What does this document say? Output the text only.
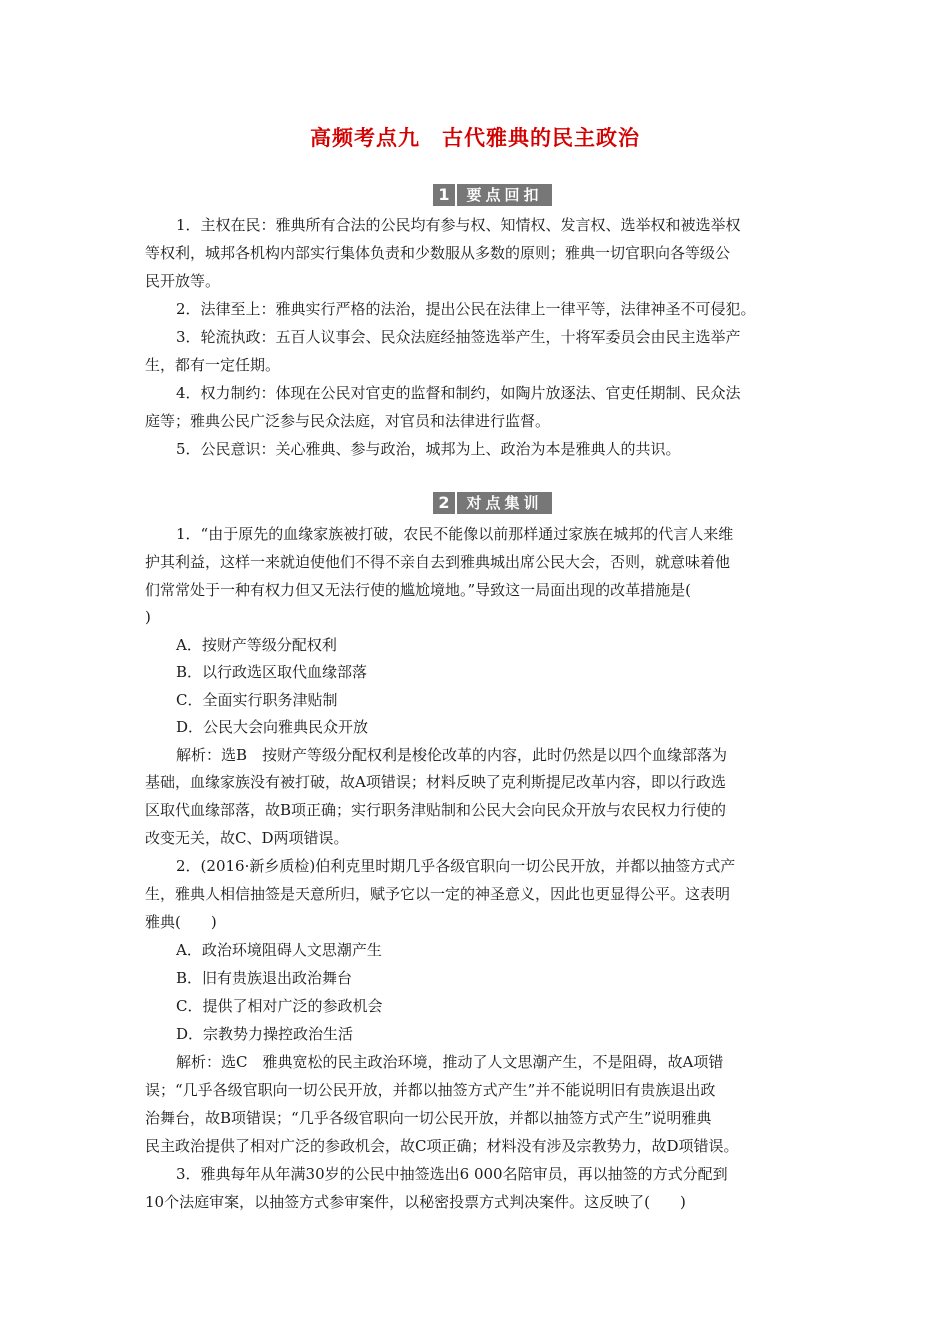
高频考点九　古代雅典的民主政治
1	要点回扣
1．主权在民：雅典所有合法的公民均有参与权、知情权、发言权、选举权和被选举权
等权利，城邦各机构内部实行集体负责和少数服从多数的原则；雅典一切官职向各等级公
民开放等。
2．法律至上：雅典实行严格的法治，提出公民在法律上一律平等，法律神圣不可侵犯。
3．轮流执政：五百人议事会、民众法庭经抽签选举产生，十将军委员会由民主选举产
生，都有一定任期。
4．权力制约：体现在公民对官吏的监督和制约，如陶片放逐法、官吏任期制、民众法
庭等；雅典公民广泛参与民众法庭，对官员和法律进行监督。
5．公民意识：关心雅典、参与政治，城邦为上、政治为本是雅典人的共识。
2	对点集训
1．“由于原先的血缘家族被打破，农民不能像以前那样通过家族在城邦的代言人来维
护其利益，这样一来就迫使他们不得不亲自去到雅典城出席公民大会，否则，就意味着他
们常常处于一种有权力但又无法行使的尴尬境地。”导致这一局面出现的改革措施是(
)
A．按财产等级分配权利
B．以行政选区取代血缘部落
C．全面实行职务津贴制
D．公民大会向雅典民众开放
解析：选B　按财产等级分配权利是梭伦改革的内容，此时仍然是以四个血缘部落为
基础，血缘家族没有被打破，故A项错误；材料反映了克利斯提尼改革内容，即以行政选
区取代血缘部落，故B项正确；实行职务津贴制和公民大会向民众开放与农民权力行使的
改变无关，故C、D两项错误。
2．(2016·新乡质检)伯利克里时期几乎各级官职向一切公民开放，并都以抽签方式产
生，雅典人相信抽签是天意所归，赋予它以一定的神圣意义，因此也更显得公平。这表明
雅典(　　)
A．政治环境阻碍人文思潮产生
B．旧有贵族退出政治舞台
C．提供了相对广泛的参政机会
D．宗教势力操控政治生活
解析：选C　雅典宽松的民主政治环境，推动了人文思潮产生，不是阻碍，故A项错
误；“几乎各级官职向一切公民开放，并都以抽签方式产生”并不能说明旧有贵族退出政
治舞台，故B项错误；“几乎各级官职向一切公民开放，并都以抽签方式产生”说明雅典
民主政治提供了相对广泛的参政机会，故C项正确；材料没有涉及宗教势力，故D项错误。
3．雅典每年从年满30岁的公民中抽签选出6 000名陪审员，再以抽签的方式分配到
10个法庭审案，以抽签方式参审案件，以秘密投票方式判决案件。这反映了(　　)
